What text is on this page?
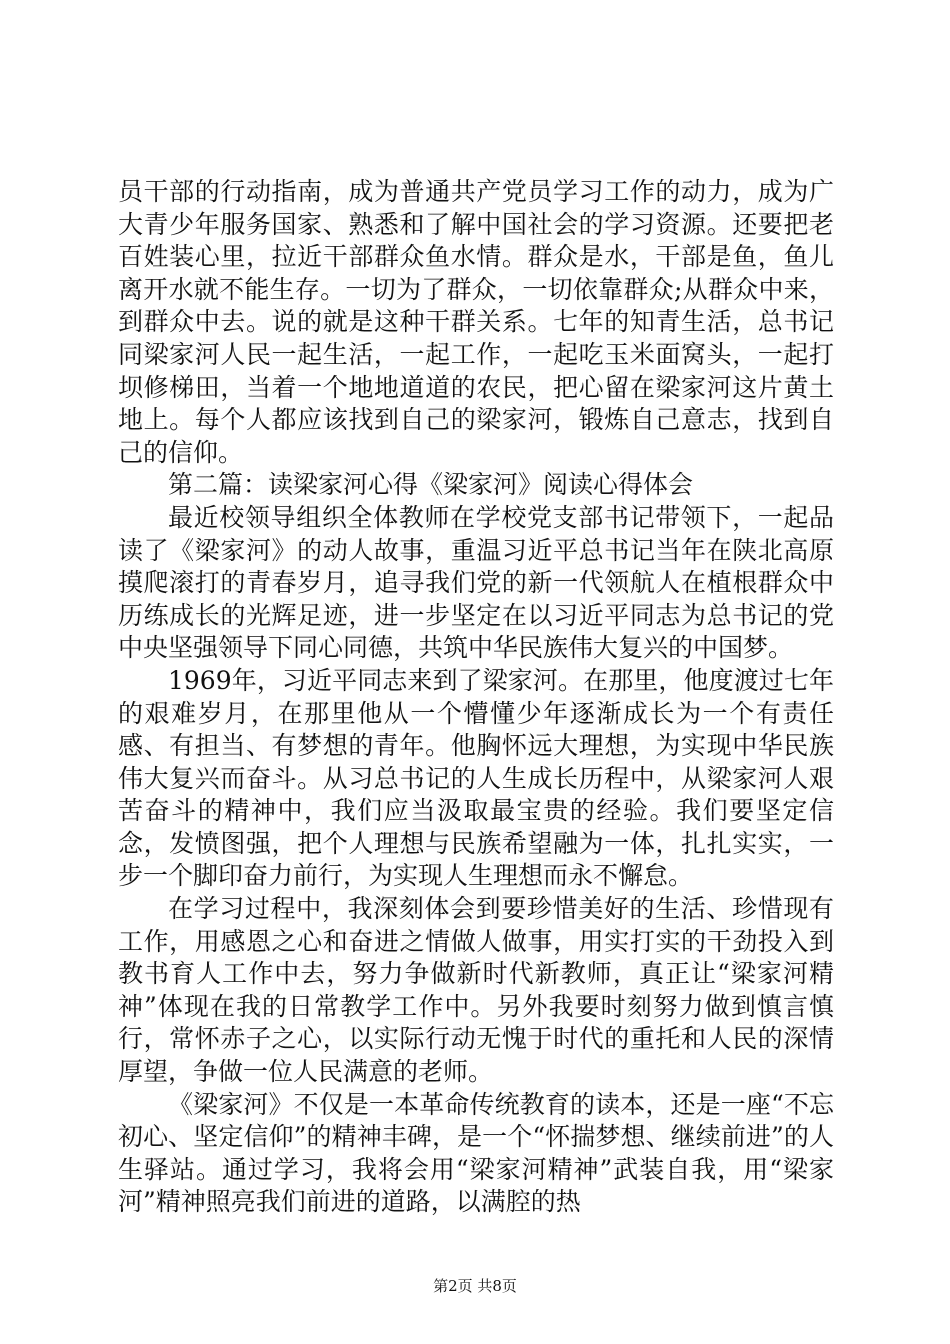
员干部的行动指南，成为普通共产党员学习工作的动力，成为广大青少年服务国家、熟悉和了解中国社会的学习资源。还要把老百姓装心里，拉近干部群众鱼水情。群众是水，干部是鱼，鱼儿离开水就不能生存。一切为了群众，一切依靠群众;从群众中来，到群众中去。说的就是这种干群关系。七年的知青生活，总书记同梁家河人民一起生活，一起工作，一起吃玉米面窝头，一起打坝修梯田，当着一个地地道道的农民，把心留在梁家河这片黄土地上。每个人都应该找到自己的梁家河，锻炼自己意志，找到自己的信仰。

第二篇：读梁家河心得《梁家河》阅读心得体会

最近校领导组织全体教师在学校党支部书记带领下，一起品读了《梁家河》的动人故事，重温习近平总书记当年在陕北高原摸爬滚打的青春岁月，追寻我们党的新一代领航人在植根群众中历练成长的光辉足迹，进一步坚定在以习近平同志为总书记的党中央坚强领导下同心同德，共筑中华民族伟大复兴的中国梦。

1969年，习近平同志来到了梁家河。在那里，他度渡过七年的艰难岁月，在那里他从一个懵懂少年逐渐成长为一个有责任感、有担当、有梦想的青年。他胸怀远大理想，为实现中华民族伟大复兴而奋斗。从习总书记的人生成长历程中，从梁家河人艰苦奋斗的精神中，我们应当汲取最宝贵的经验。我们要坚定信念，发愤图强，把个人理想与民族希望融为一体，扎扎实实，一步一个脚印奋力前行，为实现人生理想而永不懈怠。

在学习过程中，我深刻体会到要珍惜美好的生活、珍惜现有工作，用感恩之心和奋进之情做人做事，用实打实的干劲投入到教书育人工作中去，努力争做新时代新教师，真正让“梁家河精神”体现在我的日常教学工作中。另外我要时刻努力做到慎言慎行，常怀赤子之心，以实际行动无愧于时代的重托和人民的深情厚望，争做一位人民满意的老师。

《梁家河》不仅是一本革命传统教育的读本，还是一座“不忘初心、坚定信仰”的精神丰碑，是一个“怀揣梦想、继续前进”的人生驿站。通过学习，我将会用“梁家河精神”武装自我，用“梁家河”精神照亮我们前进的道路，以满腔的热

第2页 共8页
